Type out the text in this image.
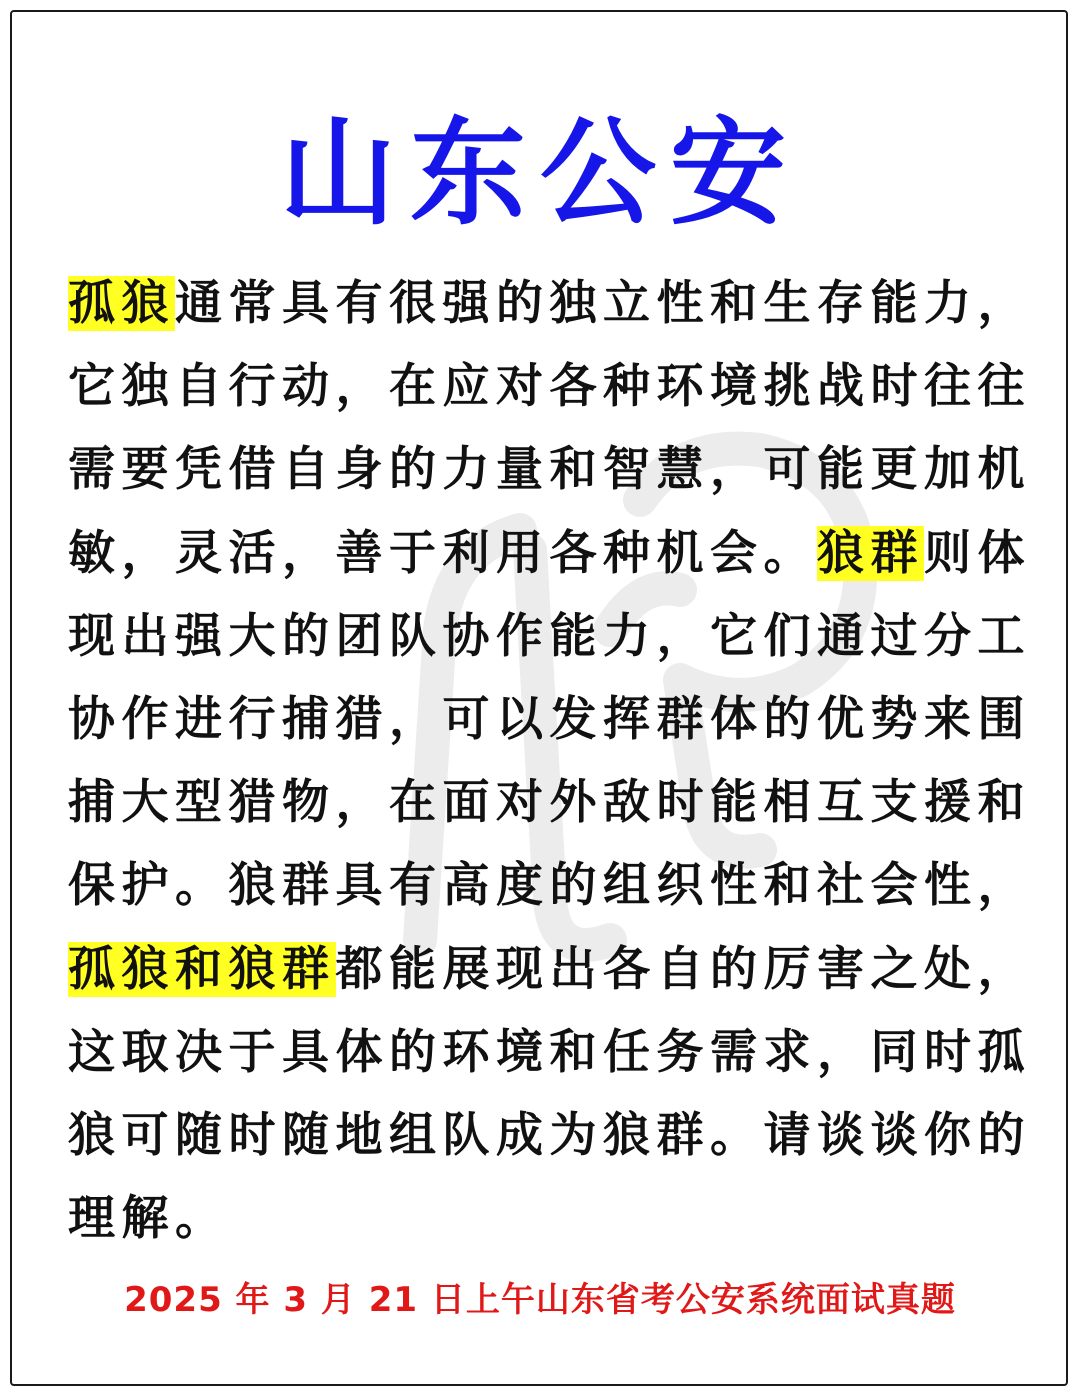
山东公安
孤狼通常具有很强的独立性和生存能力，
它独自行动，在应对各种环境挑战时往往
需要凭借自身的力量和智慧，可能更加机
敏，灵活，善于利用各种机会。狼群则体
现出强大的团队协作能力，它们通过分工
协作进行捕猎，可以发挥群体的优势来围
捕大型猎物，在面对外敌时能相互支援和
保护。狼群具有高度的组织性和社会性，
孤狼和狼群都能展现出各自的厉害之处，
这取决于具体的环境和任务需求，同时孤
狼可随时随地组队成为狼群。请谈谈你的
理解。
2025 年 3 月 21 日上午山东省考公安系统面试真题
